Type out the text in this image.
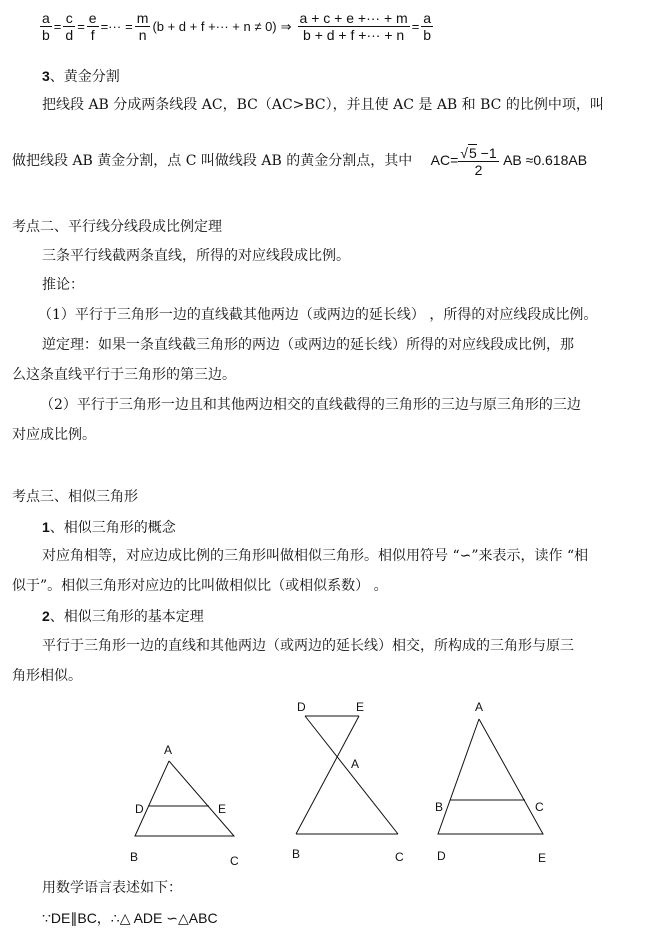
$\frac{a}{b} = \frac{c}{d} = \frac{e}{f}$ =··· = $\frac{m}{n} (b + d + f$ +··· + n ≠ 0) ⇒ $\frac{a + c + e +\cdot\cdot\cdot + m}{b + d + f +\cdot\cdot\cdot + n} = \frac{a}{b}$
3、黄金分割
把线段 AB 分成两条线段 AC，BC（AC>BC），并且使 AC 是 AB 和 BC 的比例中项，叫
做把线段 AB 黄金分割，点 C 叫做线段 AB 的黄金分割点，其中 $AC= \frac{√5 -1}{2}$ AB ≈0.618AB
考点二、平行线分线段成比例定理
三条平行线截两条直线，所得的对应线段成比例。
推论：
（1）平行于三角形一边的直线截其他两边（或两边的延长线） ，所得的对应线段成比例。
逆定理：如果一条直线截三角形的两边（或两边的延长线）所得的对应线段成比例，那
么这条直线平行于三角形的第三边。
（2）平行于三角形一边且和其他两边相交的直线截得的三角形的三边与原三角形的三边
对应成比例。
考点三、相似三角形
1、相似三角形的概念
对应角相等，对应边成比例的三角形叫做相似三角形。相似用符号 “∽”来表示，读作 “相
似于”。相似三角形对应边的比叫做相似比（或相似系数） 。
2、相似三角形的基本定理
平行于三角形一边的直线和其他两边（或两边的延长线）相交，所构成的三角形与原三
角形相似。
A
D	E
B	C
D	E
A
B	C
A
B	C
D	E
用数学语言表述如下：
∵DE∥BC，∴△ ADE ∽△ABC
